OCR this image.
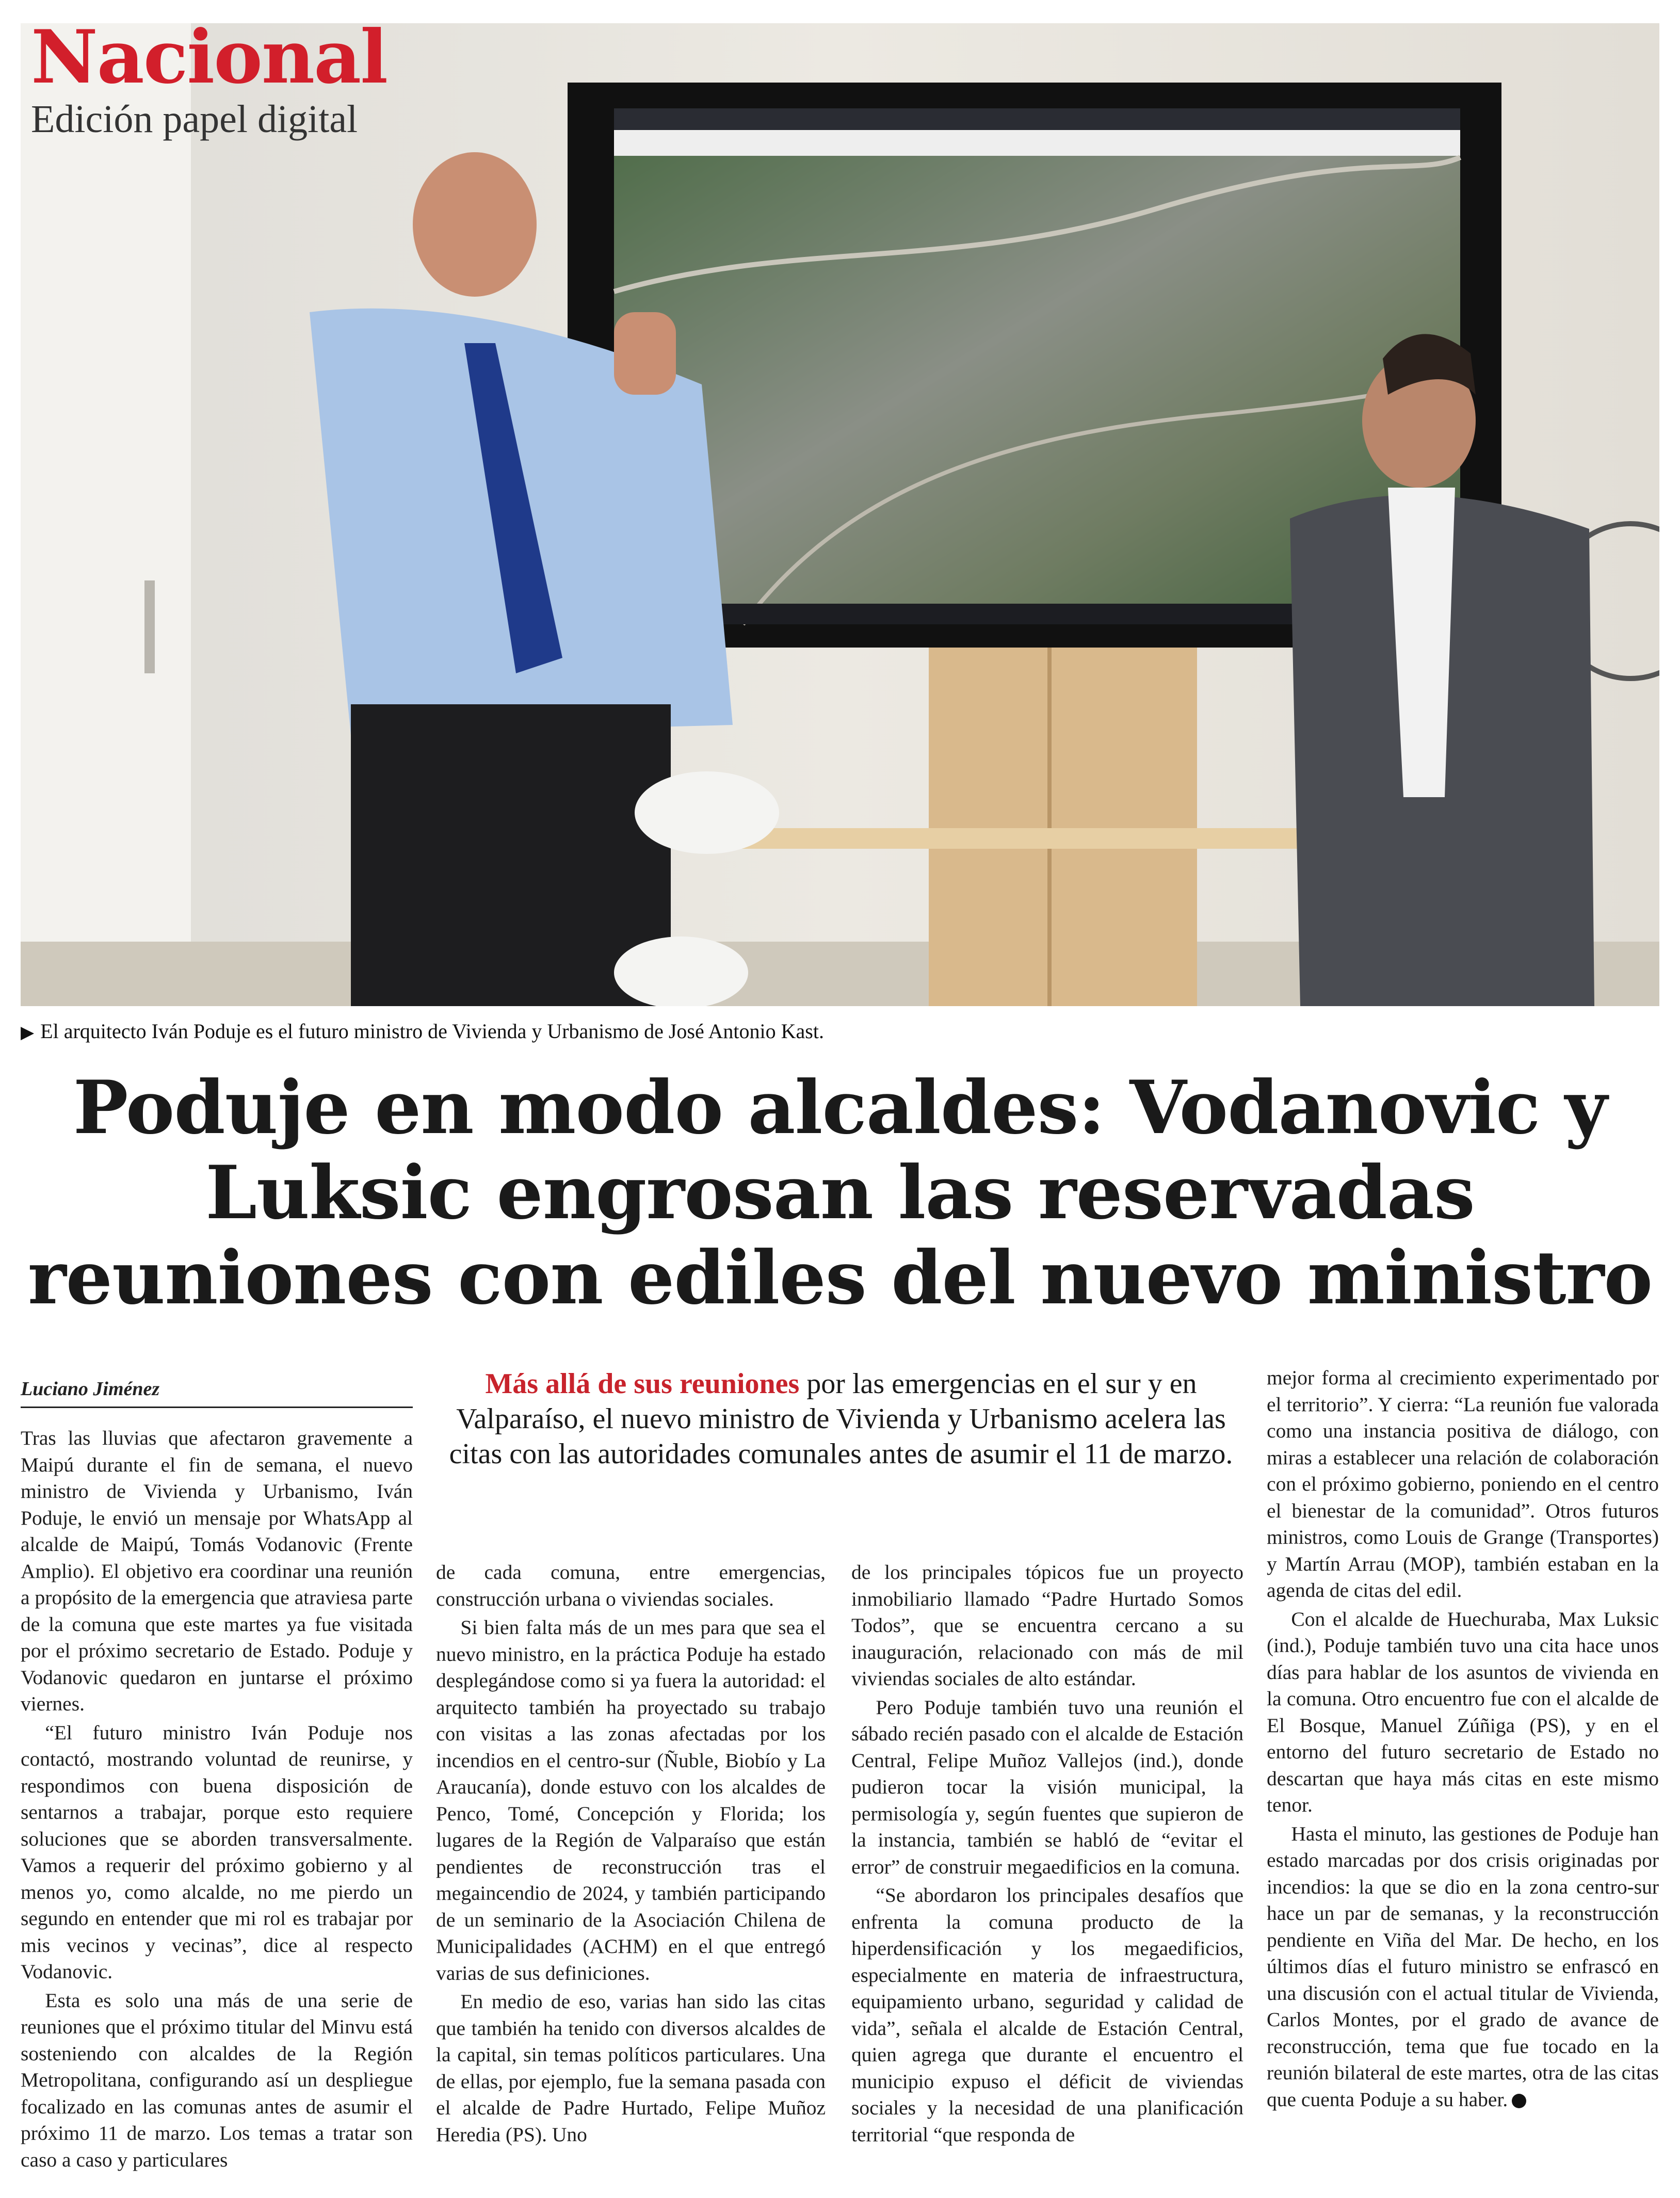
Nacional
Edición papel digital
▶ El arquitecto Iván Poduje es el futuro ministro de Vivienda y Urbanismo de José Antonio Kast.
Poduje en modo alcaldes: Vodanovic y Luksic engrosan las reservadas reuniones con ediles del nuevo ministro
Luciano Jiménez	Más allá de sus reuniones por las emergencias en el sur y en Valparaíso, el nuevo ministro de Vivienda y Urbanismo acelera las citas con las autoridades comunales antes de asumir el 11 de marzo.

Tras las lluvias que afectaron gravemente a Maipú durante el fin de semana, el nuevo ministro de Vivienda y Urbanismo, Iván Poduje, le envió un mensaje por WhatsApp al alcalde de Maipú, Tomás Vodanovic (Frente Amplio). El objetivo era coordinar una reunión a propósito de la emergencia que atraviesa parte de la comuna que este martes ya fue visitada por el próximo secretario de Estado. Poduje y Vodanovic quedaron en juntarse el próximo viernes.

“El futuro ministro Iván Poduje nos contactó, mostrando voluntad de reunirse, y respondimos con buena disposición de sentarnos a trabajar, porque esto requiere soluciones que se aborden transversalmente. Vamos a requerir del próximo gobierno y al menos yo, como alcalde, no me pierdo un segundo en entender que mi rol es trabajar por mis vecinos y vecinas”, dice al respecto Vodanovic.

Esta es solo una más de una serie de reuniones que el próximo titular del Minvu está sosteniendo con alcaldes de la Región Metropolitana, configurando así un despliegue focalizado en las comunas antes de asumir el próximo 11 de marzo. Los temas a tratar son caso a caso y particulares

de cada comuna, entre emergencias, construcción urbana o viviendas sociales.

Si bien falta más de un mes para que sea el nuevo ministro, en la práctica Poduje ha estado desplegándose como si ya fuera la autoridad: el arquitecto también ha proyectado su trabajo con visitas a las zonas afectadas por los incendios en el centro-sur (Ñuble, Biobío y La Araucanía), donde estuvo con los alcaldes de Penco, Tomé, Concepción y Florida; los lugares de la Región de Valparaíso que están pendientes de reconstrucción tras el megaincendio de 2024, y también participando de un seminario de la Asociación Chilena de Municipalidades (ACHM) en el que entregó varias de sus definiciones.

En medio de eso, varias han sido las citas que también ha tenido con diversos alcaldes de la capital, sin temas políticos particulares. Una de ellas, por ejemplo, fue la semana pasada con el alcalde de Padre Hurtado, Felipe Muñoz Heredia (PS). Uno

de los principales tópicos fue un proyecto inmobiliario llamado “Padre Hurtado Somos Todos”, que se encuentra cercano a su inauguración, relacionado con más de mil viviendas sociales de alto estándar.

Pero Poduje también tuvo una reunión el sábado recién pasado con el alcalde de Estación Central, Felipe Muñoz Vallejos (ind.), donde pudieron tocar la visión municipal, la permisología y, según fuentes que supieron de la instancia, también se habló de “evitar el error” de construir megaedificios en la comuna.

“Se abordaron los principales desafíos que enfrenta la comuna producto de la hiperdensificación y los megaedificios, especialmente en materia de infraestructura, equipamiento urbano, seguridad y calidad de vida”, señala el alcalde de Estación Central, quien agrega que durante el encuentro el municipio expuso el déficit de viviendas sociales y la necesidad de una planificación territorial “que responda de

mejor forma al crecimiento experimentado por el territorio”. Y cierra: “La reunión fue valorada como una instancia positiva de diálogo, con miras a establecer una relación de colaboración con el próximo gobierno, poniendo en el centro el bienestar de la comunidad”. Otros futuros ministros, como Louis de Grange (Transportes) y Martín Arrau (MOP), también estaban en la agenda de citas del edil.

Con el alcalde de Huechuraba, Max Luksic (ind.), Poduje también tuvo una cita hace unos días para hablar de los asuntos de vivienda en la comuna. Otro encuentro fue con el alcalde de El Bosque, Manuel Zúñiga (PS), y en el entorno del futuro secretario de Estado no descartan que haya más citas en este mismo tenor.

Hasta el minuto, las gestiones de Poduje han estado marcadas por dos crisis originadas por incendios: la que se dio en la zona centro-sur hace un par de semanas, y la reconstrucción pendiente en Viña del Mar. De hecho, en los últimos días el futuro ministro se enfrascó en una discusión con el actual titular de Vivienda, Carlos Montes, por el grado de avance de reconstrucción, tema que fue tocado en la reunión bilateral de este martes, otra de las citas que cuenta Poduje a su haber.
